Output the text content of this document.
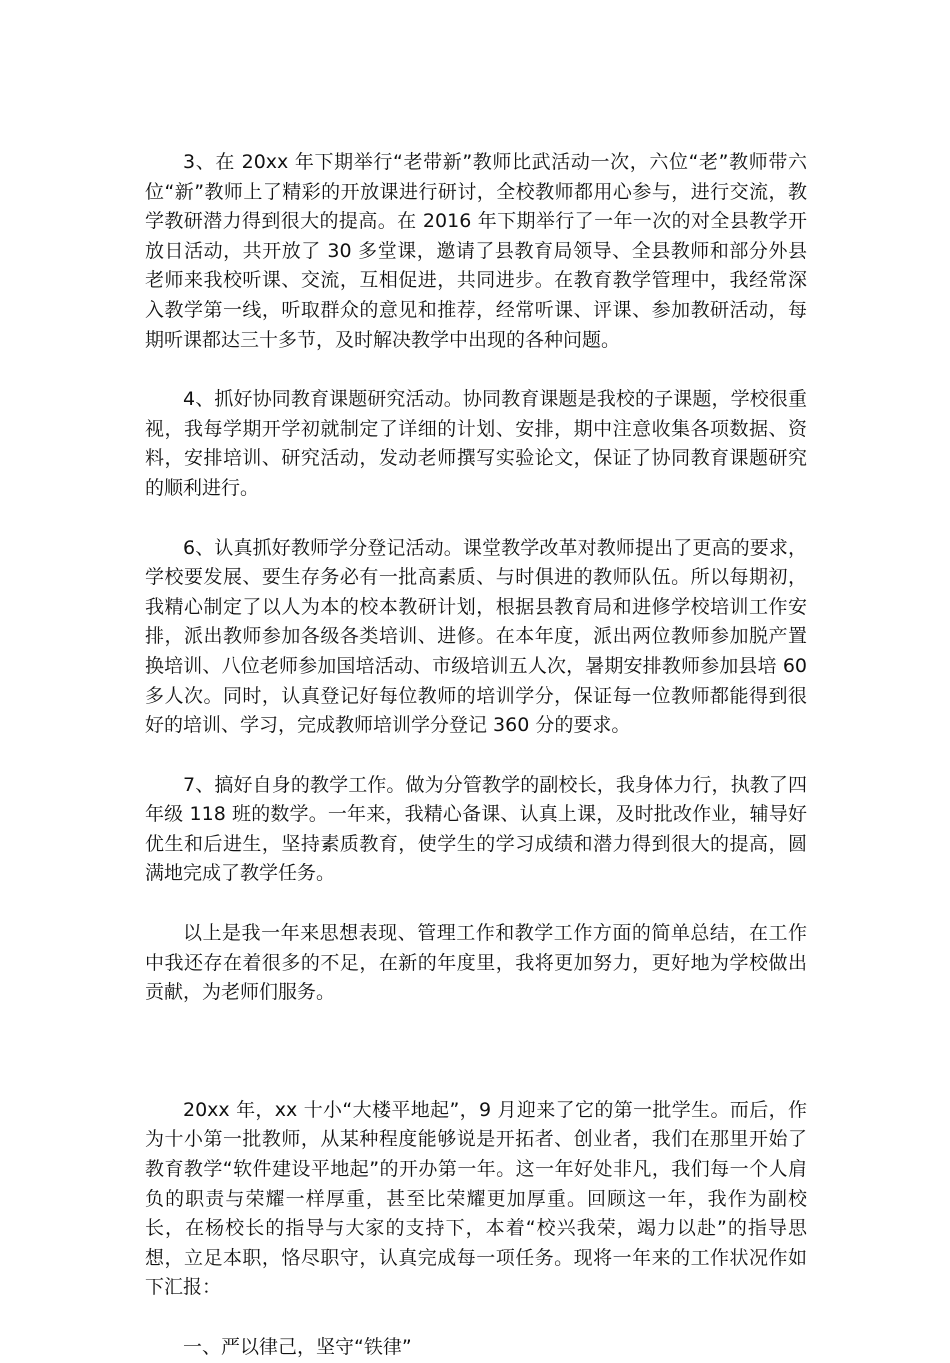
3、在 20xx 年下期举行“老带新”教师比武活动一次，六位“老”教师带六位“新”教师上了精彩的开放课进行研讨，全校教师都用心参与，进行交流，教学教研潜力得到很大的提高。在 2016 年下期举行了一年一次的对全县教学开放日活动，共开放了 30 多堂课，邀请了县教育局领导、全县教师和部分外县老师来我校听课、交流，互相促进，共同进步。在教育教学管理中，我经常深入教学第一线，听取群众的意见和推荐，经常听课、评课、参加教研活动，每期听课都达三十多节，及时解决教学中出现的各种问题。

4、抓好协同教育课题研究活动。协同教育课题是我校的子课题，学校很重视，我每学期开学初就制定了详细的计划、安排，期中注意收集各项数据、资料，安排培训、研究活动，发动老师撰写实验论文，保证了协同教育课题研究的顺利进行。

6、认真抓好教师学分登记活动。课堂教学改革对教师提出了更高的要求，学校要发展、要生存务必有一批高素质、与时俱进的教师队伍。所以每期初，我精心制定了以人为本的校本教研计划，根据县教育局和进修学校培训工作安排，派出教师参加各级各类培训、进修。在本年度，派出两位教师参加脱产置换培训、八位老师参加国培活动、市级培训五人次，暑期安排教师参加县培 60 多人次。同时，认真登记好每位教师的培训学分，保证每一位教师都能得到很好的培训、学习，完成教师培训学分登记 360 分的要求。

7、搞好自身的教学工作。做为分管教学的副校长，我身体力行，执教了四年级 118 班的数学。一年来，我精心备课、认真上课，及时批改作业，辅导好优生和后进生，坚持素质教育，使学生的学习成绩和潜力得到很大的提高，圆满地完成了教学任务。

以上是我一年来思想表现、管理工作和教学工作方面的简单总结，在工作中我还存在着很多的不足，在新的年度里，我将更加努力，更好地为学校做出贡献，为老师们服务。

20xx 年，xx 十小“大楼平地起”，9 月迎来了它的第一批学生。而后，作为十小第一批教师，从某种程度能够说是开拓者、创业者，我们在那里开始了教育教学“软件建设平地起”的开办第一年。这一年好处非凡，我们每一个人肩负的职责与荣耀一样厚重，甚至比荣耀更加厚重。回顾这一年，我作为副校长，在杨校长的指导与大家的支持下，本着“校兴我荣，竭力以赴”的指导思想，立足本职，恪尽职守，认真完成每一项任务。现将一年来的工作状况作如下汇报：

一、严以律己，坚守“铁律”
